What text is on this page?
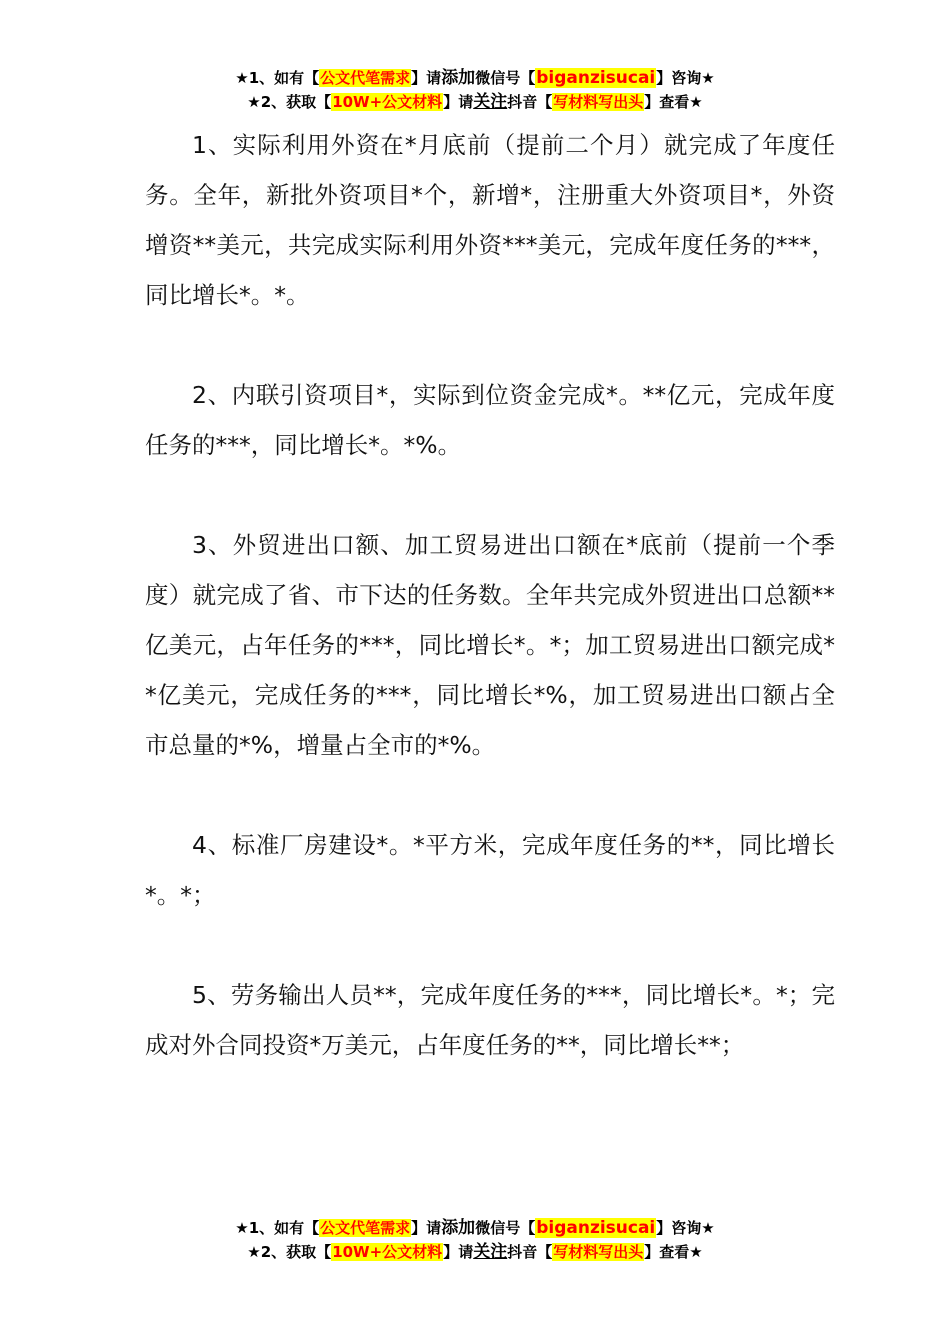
★1、如有【公文代笔需求】请添加微信号【biganzisucai】咨询★
★2、获取【10W+公文材料】请关注抖音【写材料写出头】查看★

1、实际利用外资在*月底前（提前二个月）就完成了年度任务。全年，新批外资项目*个，新增*，注册重大外资项目*，外资增资**美元，共完成实际利用外资***美元，完成年度任务的***，同比增长*。*。

2、内联引资项目*，实际到位资金完成*。**亿元，完成年度任务的***，同比增长*。*%。

3、外贸进出口额、加工贸易进出口额在*底前（提前一个季度）就完成了省、市下达的任务数。全年共完成外贸进出口总额**亿美元，占年任务的***，同比增长*。*；加工贸易进出口额完成**亿美元，完成任务的***，同比增长*%，加工贸易进出口额占全市总量的*%，增量占全市的*%。

4、标准厂房建设*。*平方米，完成年度任务的**，同比增长*。*；

5、劳务输出人员**，完成年度任务的***，同比增长*。*；完成对外合同投资*万美元，占年度任务的**，同比增长**；

★1、如有【公文代笔需求】请添加微信号【biganzisucai】咨询★
★2、获取【10W+公文材料】请关注抖音【写材料写出头】查看★
